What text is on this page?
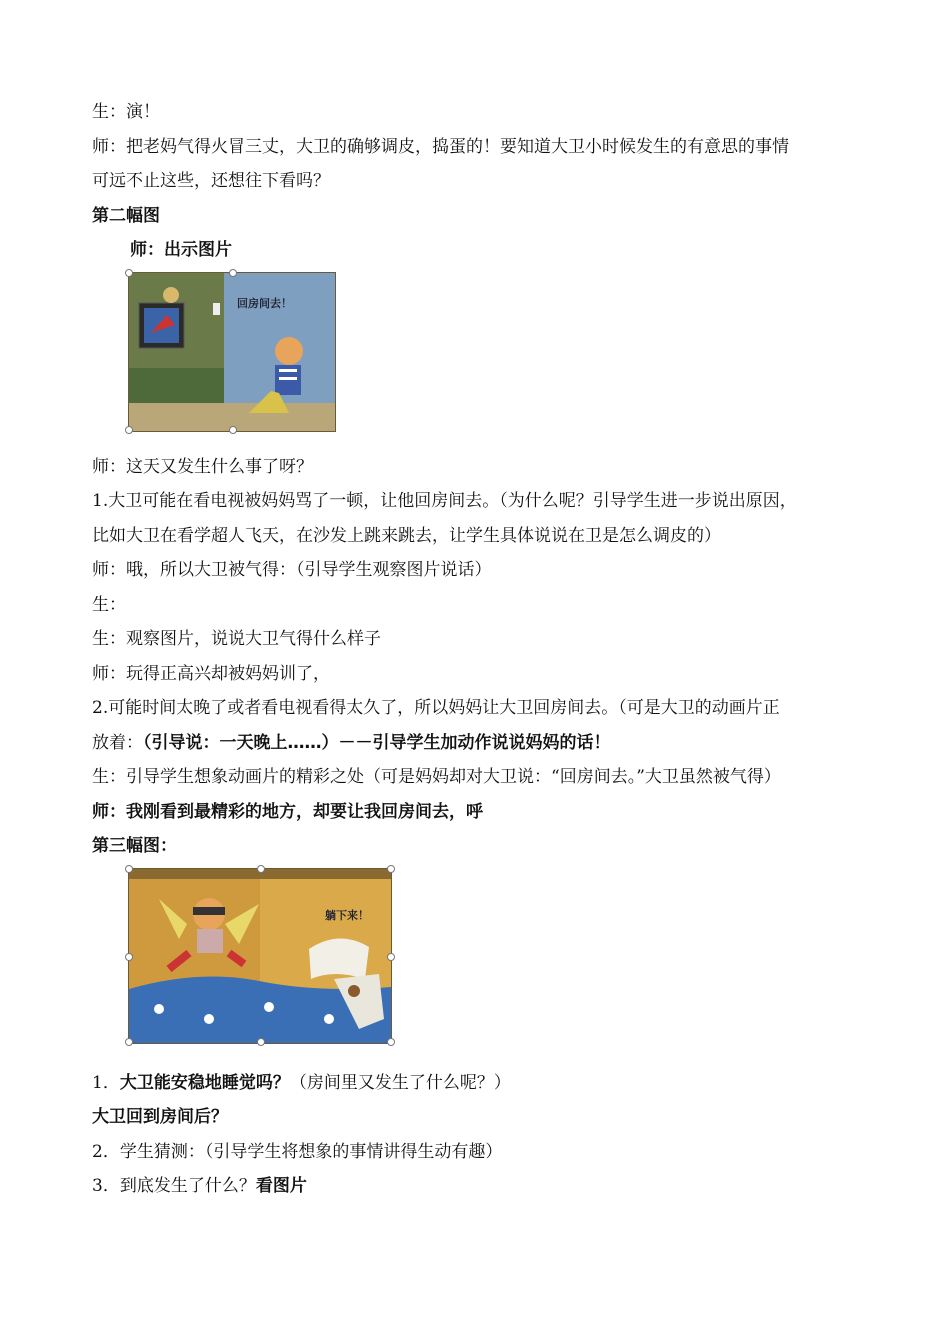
生：演！
师：把老妈气得火冒三丈，大卫的确够调皮，捣蛋的！要知道大卫小时候发生的有意思的事情
可远不止这些，还想往下看吗？
第二幅图
师：出示图片
回房间去！
师：这天又发生什么事了呀？
1.大卫可能在看电视被妈妈骂了一顿，让他回房间去。（为什么呢？引导学生进一步说出原因，
比如大卫在看学超人飞天，在沙发上跳来跳去，让学生具体说说在卫是怎么调皮的）
师：哦，所以大卫被气得：（引导学生观察图片说话）
生：
生：观察图片，说说大卫气得什么样子
师：玩得正高兴却被妈妈训了，
2.可能时间太晚了或者看电视看得太久了，所以妈妈让大卫回房间去。（可是大卫的动画片正
放着：（引导说：一天晚上……）－－引导学生加动作说说妈妈的话！
生：引导学生想象动画片的精彩之处（可是妈妈却对大卫说：“回房间去。”大卫虽然被气得）
师：我刚看到最精彩的地方，却要让我回房间去，呼
第三幅图：
躺下来！
1．大卫能安稳地睡觉吗？（房间里又发生了什么呢？）
大卫回到房间后？
2．学生猜测：（引导学生将想象的事情讲得生动有趣）
3．到底发生了什么？看图片
